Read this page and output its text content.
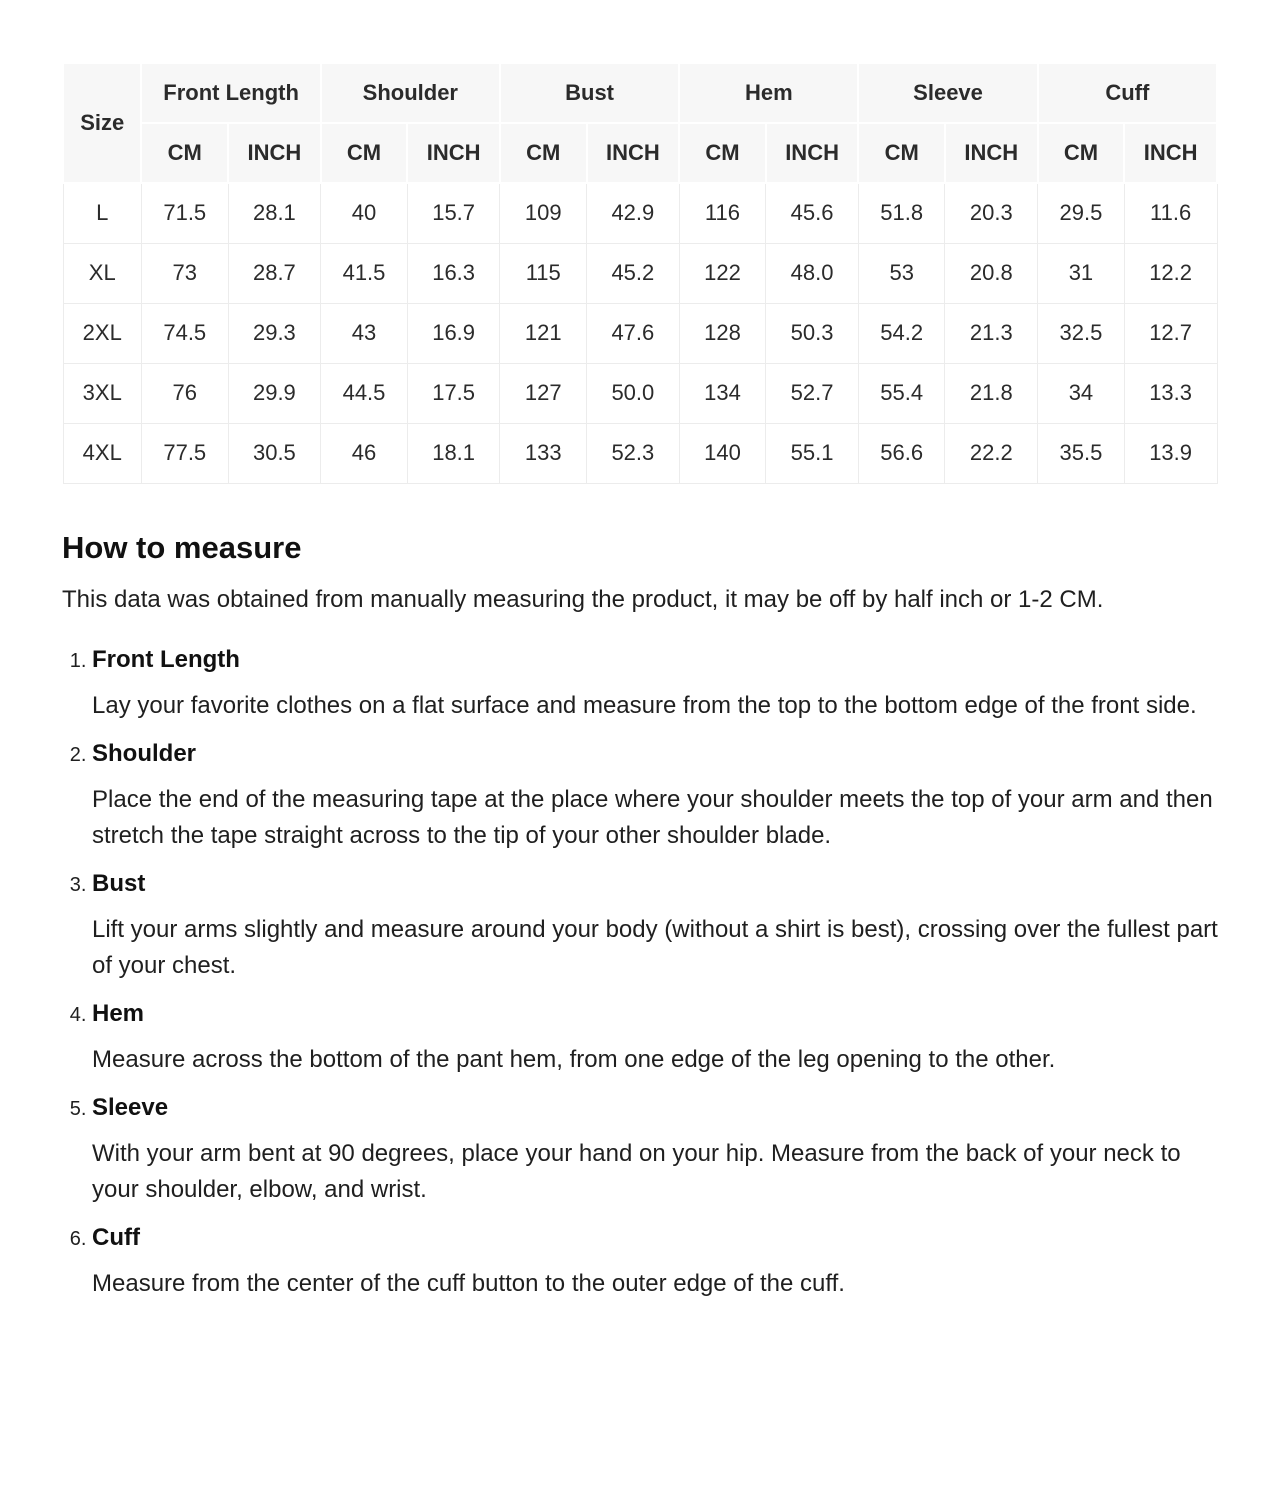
Size	Front Length		Shoulder		Bust		Hem		Sleeve		Cuff	
	CM	INCH	CM	INCH	CM	INCH	CM	INCH	CM	INCH	CM	INCH
L	71.5	28.1	40	15.7	109	42.9	116	45.6	51.8	20.3	29.5	11.6
XL	73	28.7	41.5	16.3	115	45.2	122	48.0	53	20.8	31	12.2
2XL	74.5	29.3	43	16.9	121	47.6	128	50.3	54.2	21.3	32.5	12.7
3XL	76	29.9	44.5	17.5	127	50.0	134	52.7	55.4	21.8	34	13.3
4XL	77.5	30.5	46	18.1	133	52.3	140	55.1	56.6	22.2	35.5	13.9
How to measure

This data was obtained from manually measuring the product, it may be off by half inch or 1-2 CM.

1. Front Length

Lay your favorite clothes on a flat surface and measure from the top to the bottom edge of the front side.

2. Shoulder

Place the end of the measuring tape at the place where your shoulder meets the top of your arm and then stretch the tape straight across to the tip of your other shoulder blade.

3. Bust

Lift your arms slightly and measure around your body (without a shirt is best), crossing over the fullest part of your chest.

4. Hem

Measure across the bottom of the pant hem, from one edge of the leg opening to the other.

5. Sleeve

With your arm bent at 90 degrees, place your hand on your hip. Measure from the back of your neck to your shoulder, elbow, and wrist.

6. Cuff

Measure from the center of the cuff button to the outer edge of the cuff.
